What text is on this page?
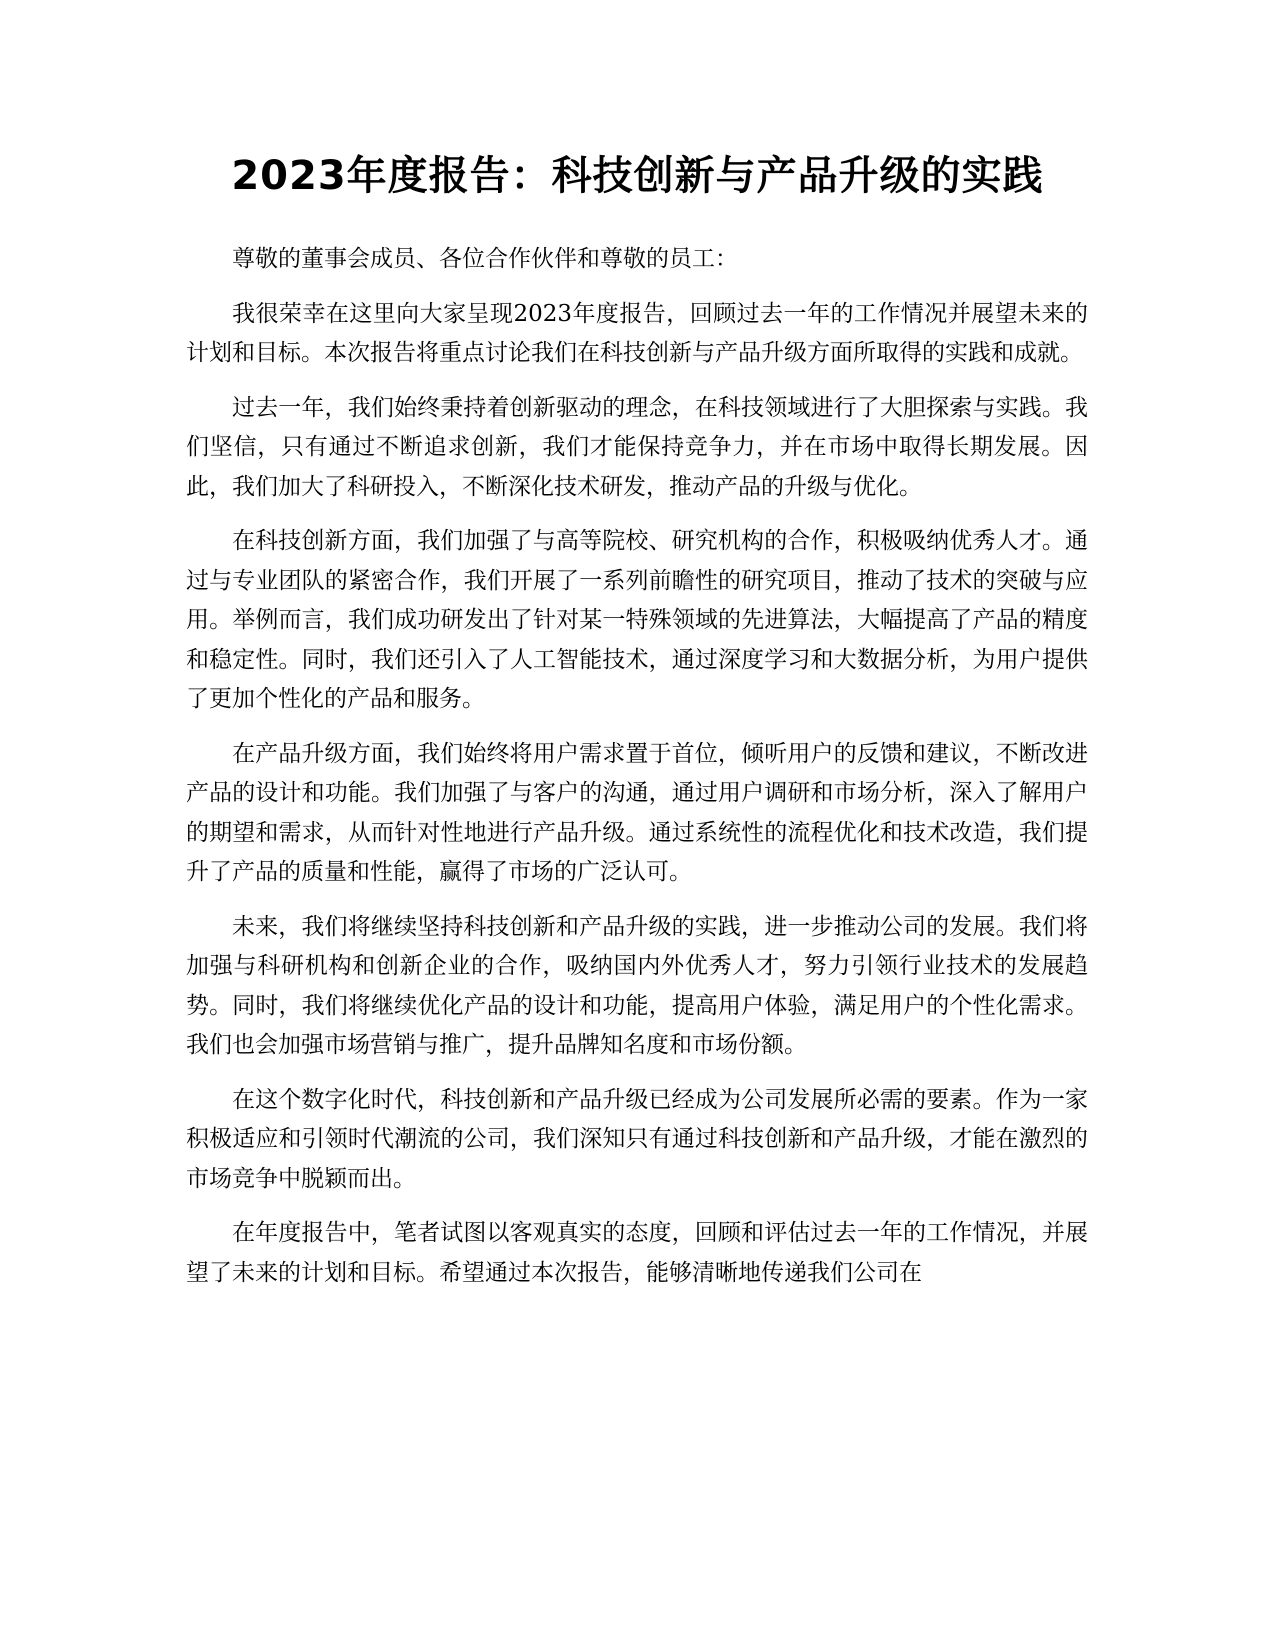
2023年度报告：科技创新与产品升级的实践

尊敬的董事会成员、各位合作伙伴和尊敬的员工：

我很荣幸在这里向大家呈现2023年度报告，回顾过去一年的工作情况并展望未来的计划和目标。本次报告将重点讨论我们在科技创新与产品升级方面所取得的实践和成就。

过去一年，我们始终秉持着创新驱动的理念，在科技领域进行了大胆探索与实践。我们坚信，只有通过不断追求创新，我们才能保持竞争力，并在市场中取得长期发展。因此，我们加大了科研投入，不断深化技术研发，推动产品的升级与优化。

在科技创新方面，我们加强了与高等院校、研究机构的合作，积极吸纳优秀人才。通过与专业团队的紧密合作，我们开展了一系列前瞻性的研究项目，推动了技术的突破与应用。举例而言，我们成功研发出了针对某一特殊领域的先进算法，大幅提高了产品的精度和稳定性。同时，我们还引入了人工智能技术，通过深度学习和大数据分析，为用户提供了更加个性化的产品和服务。

在产品升级方面，我们始终将用户需求置于首位，倾听用户的反馈和建议，不断改进产品的设计和功能。我们加强了与客户的沟通，通过用户调研和市场分析，深入了解用户的期望和需求，从而针对性地进行产品升级。通过系统性的流程优化和技术改造，我们提升了产品的质量和性能，赢得了市场的广泛认可。

未来，我们将继续坚持科技创新和产品升级的实践，进一步推动公司的发展。我们将加强与科研机构和创新企业的合作，吸纳国内外优秀人才，努力引领行业技术的发展趋势。同时，我们将继续优化产品的设计和功能，提高用户体验，满足用户的个性化需求。我们也会加强市场营销与推广，提升品牌知名度和市场份额。

在这个数字化时代，科技创新和产品升级已经成为公司发展所必需的要素。作为一家积极适应和引领时代潮流的公司，我们深知只有通过科技创新和产品升级，才能在激烈的市场竞争中脱颖而出。

在年度报告中，笔者试图以客观真实的态度，回顾和评估过去一年的工作情况，并展望了未来的计划和目标。希望通过本次报告，能够清晰地传递我们公司在
